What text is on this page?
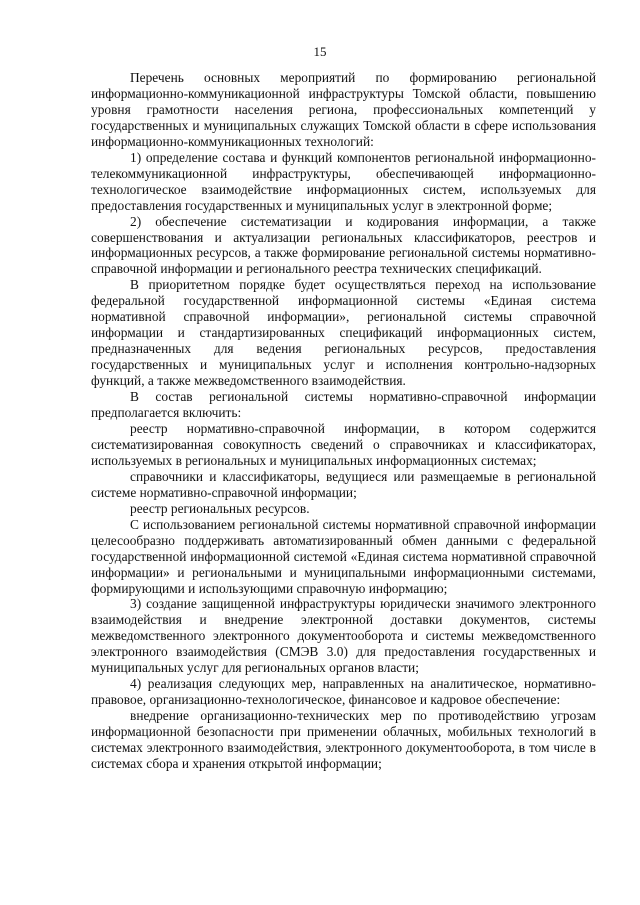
15

Перечень основных мероприятий по формированию региональной информационно-коммуникационной инфраструктуры Томской области, повышению уровня грамотности населения региона, профессиональных компетенций у государственных и муниципальных служащих Томской области в сфере использования информационно-коммуникационных технологий:

1) определение состава и функций компонентов региональной информационно-телекоммуникационной инфраструктуры, обеспечивающей информационно-технологическое взаимодействие информационных систем, используемых для предоставления государственных и муниципальных услуг в электронной форме;

2) обеспечение систематизации и кодирования информации, а также совершенствования и актуализации региональных классификаторов, реестров и информационных ресурсов, а также формирование региональной системы нормативно-справочной информации и регионального реестра технических спецификаций.

В приоритетном порядке будет осуществляться переход на использование федеральной государственной информационной системы «Единая система нормативной справочной информации», региональной системы справочной информации и стандартизированных спецификаций информационных систем, предназначенных для ведения региональных ресурсов, предоставления государственных и муниципальных услуг и исполнения контрольно-надзорных функций, а также межведомственного взаимодействия.

В состав региональной системы нормативно-справочной информации предполагается включить:

реестр нормативно-справочной информации, в котором содержится систематизированная совокупность сведений о справочниках и классификаторах, используемых в региональных и муниципальных информационных системах;

справочники и классификаторы, ведущиеся или размещаемые в региональной системе нормативно-справочной информации;

реестр региональных ресурсов.

С использованием региональной системы нормативной справочной информации целесообразно поддерживать автоматизированный обмен данными с федеральной государственной информационной системой «Единая система нормативной справочной информации» и региональными и муниципальными информационными системами, формирующими и использующими справочную информацию;

3) создание защищенной инфраструктуры юридически значимого электронного взаимодействия и внедрение электронной доставки документов, системы межведомственного электронного документооборота и системы межведомственного электронного взаимодействия (СМЭВ 3.0) для предоставления государственных и муниципальных услуг для региональных органов власти;

4) реализация следующих мер, направленных на аналитическое, нормативно-правовое, организационно-технологическое, финансовое и кадровое обеспечение:

внедрение организационно-технических мер по противодействию угрозам информационной безопасности при применении облачных, мобильных технологий в системах электронного взаимодействия, электронного документооборота, в том числе в системах сбора и хранения открытой информации;
